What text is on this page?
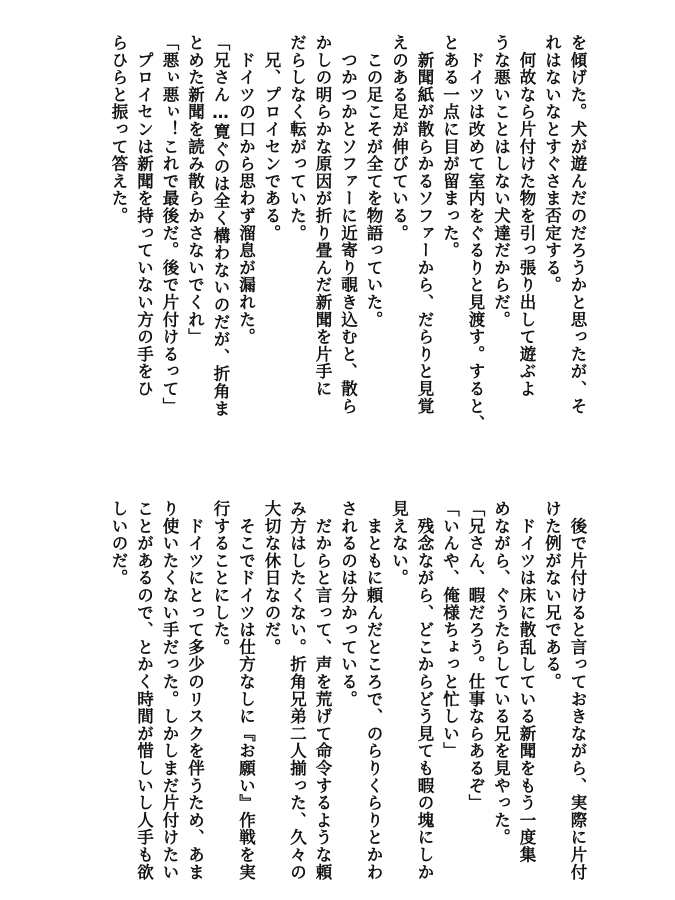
を傾げた。犬が遊んだのだろうかと思ったが、そ
れはないなとすぐさま否定する。
　何故なら片付けた物を引っ張り出して遊ぶよ
うな悪いことはしない犬達だからだ。
　ドイツは改めて室内をぐるりと見渡す。すると、
とある一点に目が留まった。
　新聞紙が散らかるソファーから、だらりと見覚
えのある足が伸びている。
　この足こそが全てを物語っていた。
　つかつかとソファーに近寄り覗き込むと、散ら
かしの明らかな原因が折り畳んだ新聞を片手に
だらしなく転がっていた。
　兄、プロイセンである。
　ドイツの口から思わず溜息が漏れた。
「兄さん…寛ぐのは全く構わないのだが、折角ま
とめた新聞を読み散らかさないでくれ」
「悪ぃ悪ぃ！これで最後だ。後で片付けるって」
　プロイセンは新聞を持っていない方の手をひ
らひらと振って答えた。
　後で片付けると言っておきながら、実際に片付
けた例がない兄である。
　ドイツは床に散乱している新聞をもう一度集
めながら、ぐうたらしている兄を見やった。
「兄さん、暇だろう。仕事ならあるぞ」
「いんや、俺様ちょっと忙しい」
　残念ながら、どこからどう見ても暇の塊にしか
見えない。
　まともに頼んだところで、のらりくらりとかわ
されるのは分かっている。
　だからと言って、声を荒げて命令するような頼
み方はしたくない。折角兄弟二人揃った、久々の
大切な休日なのだ。
　そこでドイツは仕方なしに『お願い』作戦を実
行することにした。
　ドイツにとって多少のリスクを伴うため、あま
り使いたくない手だった。しかしまだ片付けたい
ことがあるので、とかく時間が惜しいし人手も欲
しいのだ。
